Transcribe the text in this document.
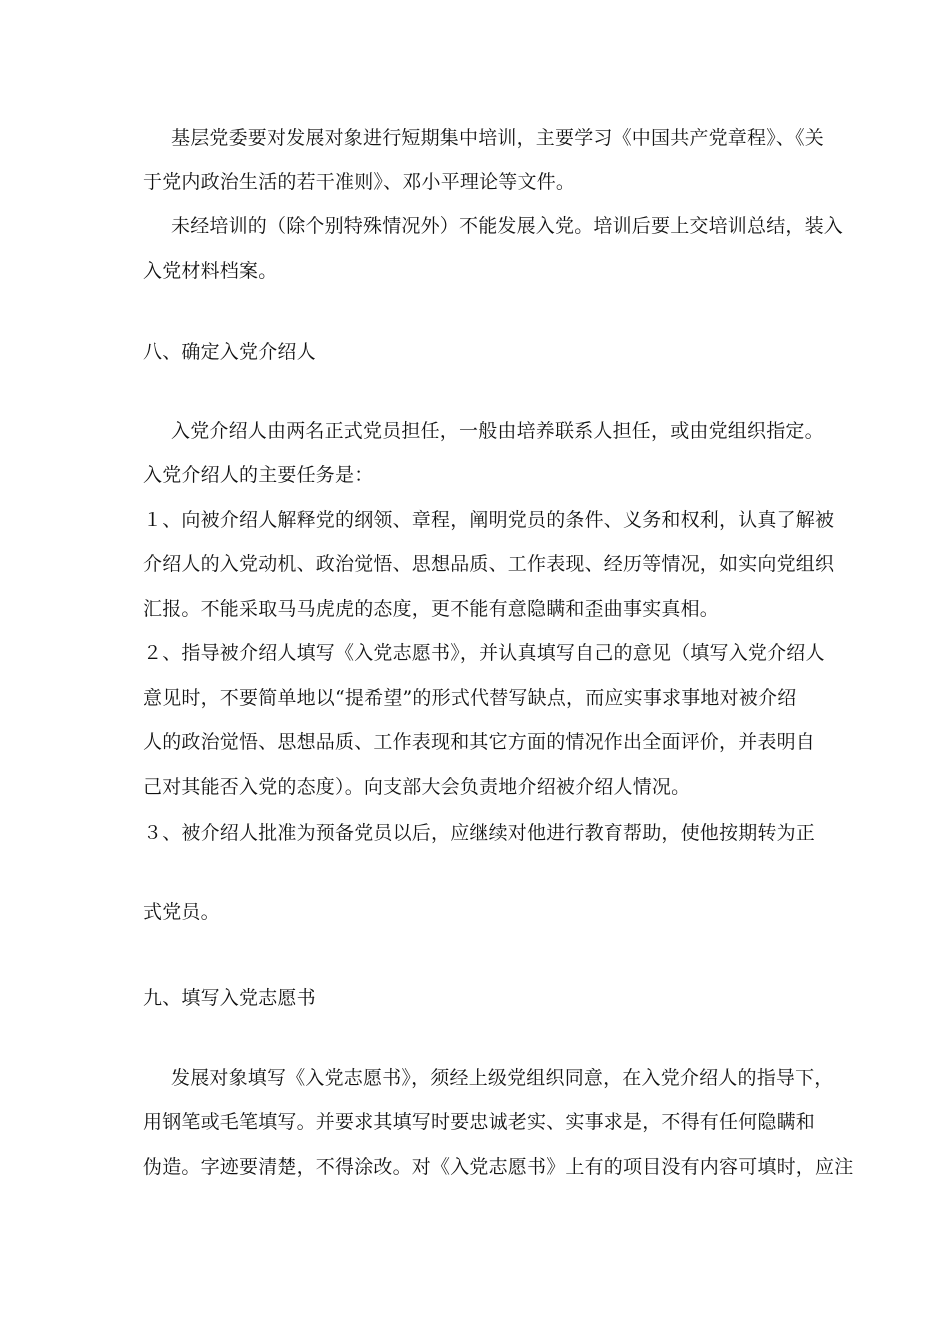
基层党委要对发展对象进行短期集中培训，主要学习《中国共产党章程》、《关
于党内政治生活的若干准则》、邓小平理论等文件。
未经培训的（除个别特殊情况外）不能发展入党。培训后要上交培训总结，装入
入党材料档案。
八、确定入党介绍人
入党介绍人由两名正式党员担任，一般由培养联系人担任，或由党组织指定。
入党介绍人的主要任务是：
１、向被介绍人解释党的纲领、章程，阐明党员的条件、义务和权利，认真了解被
介绍人的入党动机、政治觉悟、思想品质、工作表现、经历等情况，如实向党组织
汇报。不能采取马马虎虎的态度，更不能有意隐瞒和歪曲事实真相。
２、指导被介绍人填写《入党志愿书》，并认真填写自己的意见（填写入党介绍人
意见时，不要简单地以“提希望”的形式代替写缺点，而应实事求事地对被介绍
人的政治觉悟、思想品质、工作表现和其它方面的情况作出全面评价，并表明自
己对其能否入党的态度）。向支部大会负责地介绍被介绍人情况。
３、被介绍人批准为预备党员以后，应继续对他进行教育帮助，使他按期转为正
式党员。
九、填写入党志愿书
发展对象填写《入党志愿书》，须经上级党组织同意，在入党介绍人的指导下，
用钢笔或毛笔填写。并要求其填写时要忠诚老实、实事求是，不得有任何隐瞒和
伪造。字迹要清楚，不得涂改。对《入党志愿书》上有的项目没有内容可填时，应注
